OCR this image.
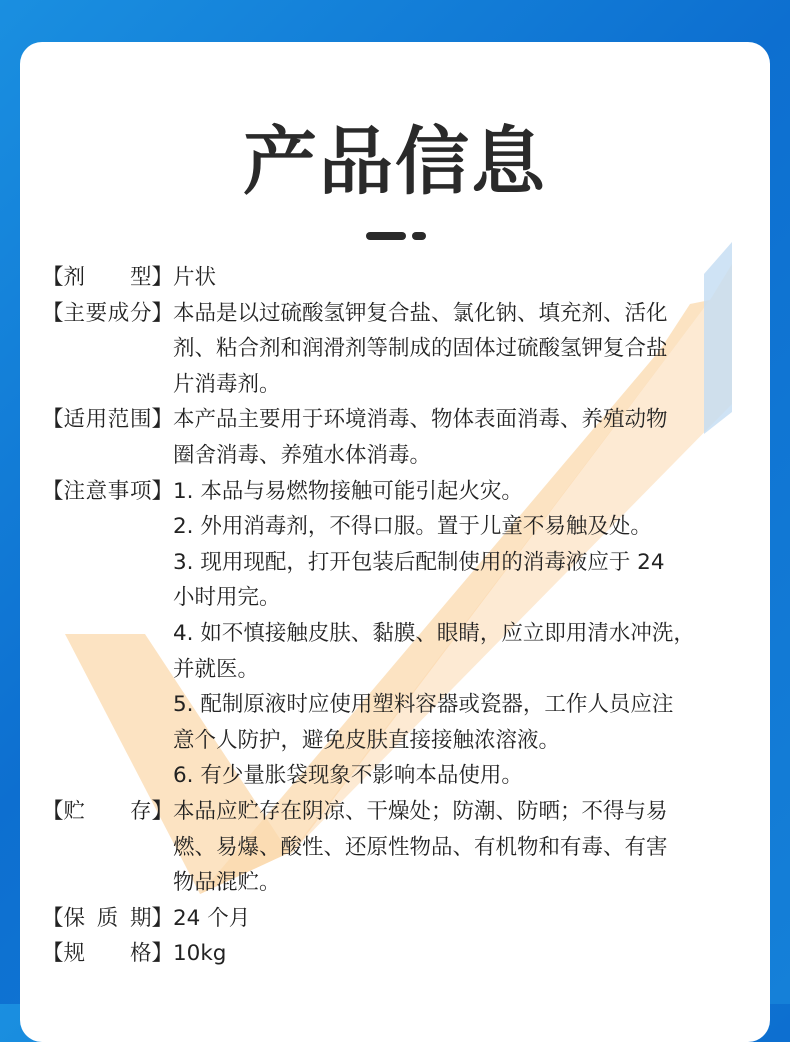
产品信息
【 剂 型 】 片状
【 主 要 成 分 】 本品是以过硫酸氢钾复合盐、氯化钠、填充剂、活化
剂、粘合剂和润滑剂等制成的固体过硫酸氢钾复合盐
片消毒剂。
【 适 用 范 围 】 本产品主要用于环境消毒、物体表面消毒、养殖动物
圈舍消毒、养殖水体消毒。
【 注 意 事 项 】 1. 本品与易燃物接触可能引起火灾。
2. 外用消毒剂，不得口服。置于儿童不易触及处。
3. 现用现配，打开包装后配制使用的消毒液应于 24
小时用完。
4. 如不慎接触皮肤、黏膜、眼睛，应立即用清水冲洗，
并就医。
5. 配制原液时应使用塑料容器或瓷器，工作人员应注
意个人防护，避免皮肤直接接触浓溶液。
6. 有少量胀袋现象不影响本品使用。
【 贮 存 】 本品应贮存在阴凉、干燥处；防潮、防晒；不得与易
燃、易爆、酸性、还原性物品、有机物和有毒、有害
物品混贮。
【 保 质 期 】 24 个月
【 规 格 】 10kg
